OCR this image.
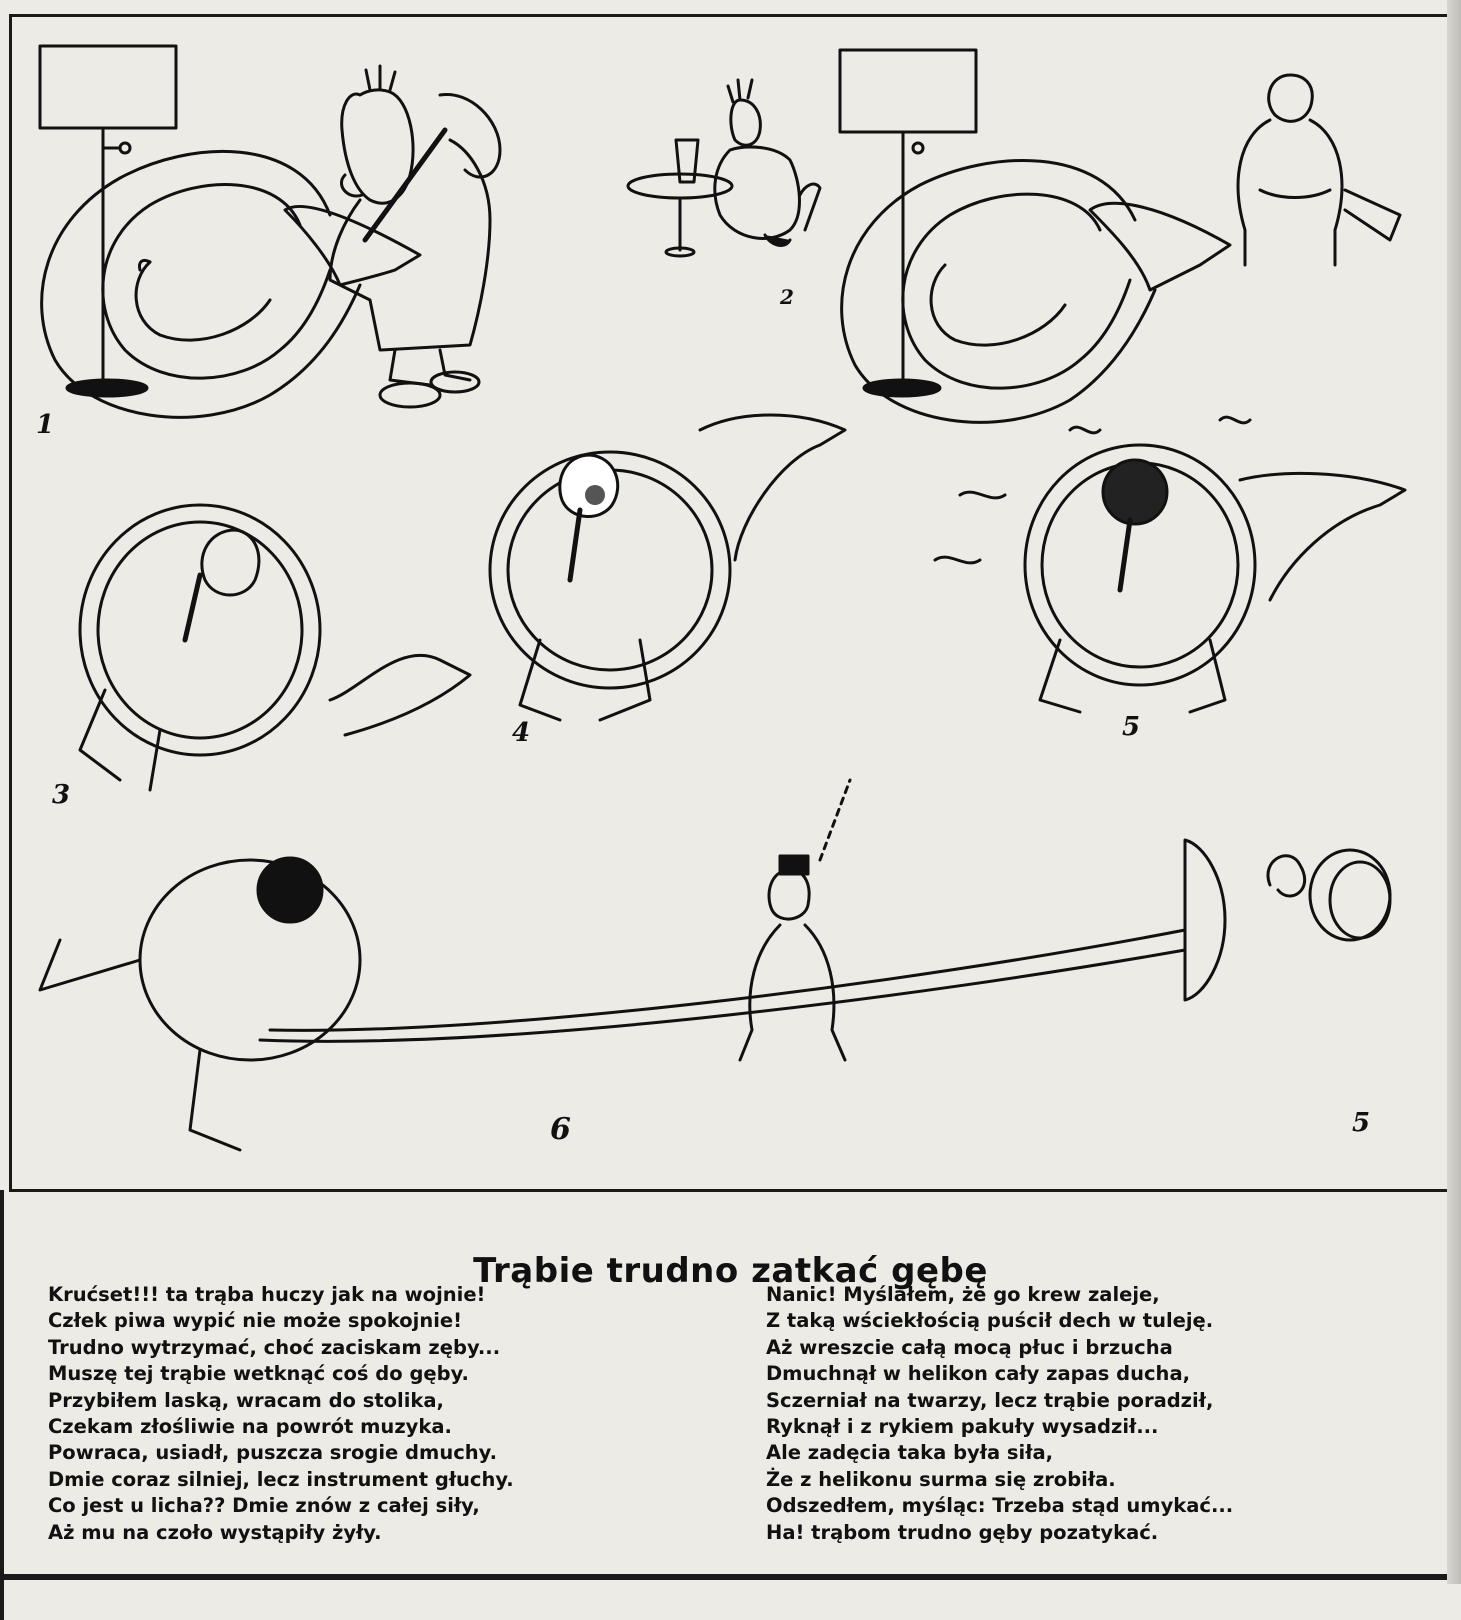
1
2
3
4	5
6	5
Trąbie trudno zatkać gębę
Krućset!!! ta trąba huczy jak na wojnie!
Człek piwa wypić nie może spokojnie!
Trudno wytrzymać, choć zaciskam zęby...
Muszę tej trąbie wetknąć coś do gęby.
Przybiłem laską, wracam do stolika,
Czekam złośliwie na powrót muzyka.
Powraca, usiadł, puszcza srogie dmuchy.
Dmie coraz silniej, lecz instrument głuchy.
Co jest u licha?? Dmie znów z całej siły,
Aż mu na czoło wystąpiły żyły.
Nanic! Myślałem, że go krew zaleje,
Z taką wściekłością puścił dech w tuleję.
Aż wreszcie całą mocą płuc i brzucha
Dmuchnął w helikon cały zapas ducha,
Sczerniał na twarzy, lecz trąbie poradził,
Ryknął i z rykiem pakuły wysadził...
Ale zadęcia taka była siła,
Że z helikonu surma się zrobiła.
Odszedłem, myśląc: Trzeba stąd umykać...
Ha! trąbom trudno gęby pozatykać.
